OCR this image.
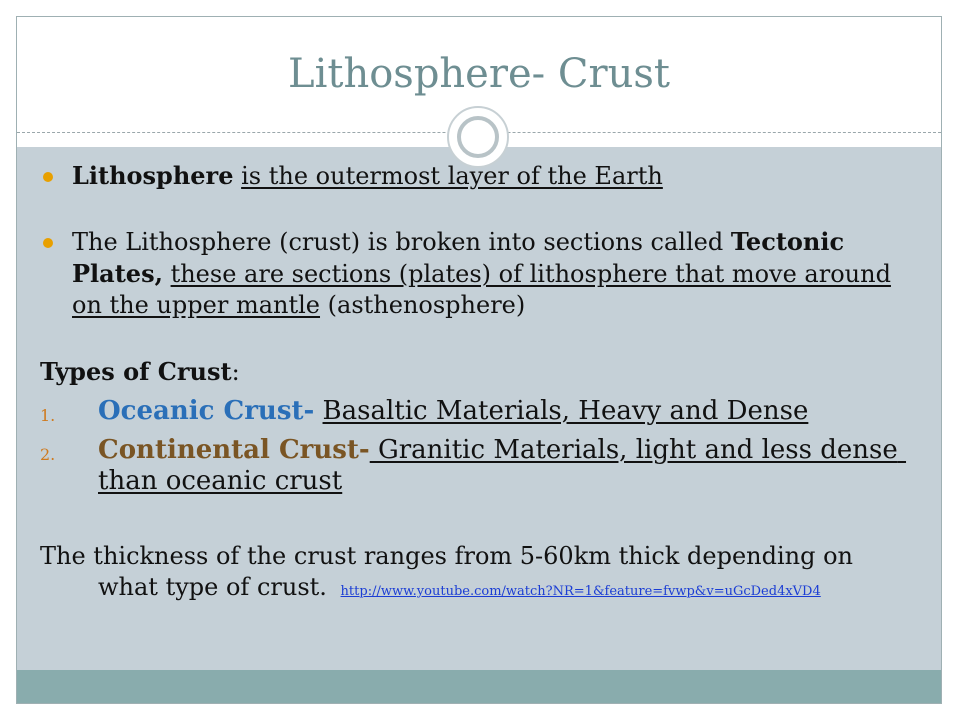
Lithosphere- Crust
Lithosphere is the outermost layer of the Earth
The Lithosphere (crust) is broken into sections called Tectonic Plates, these are sections (plates) of lithosphere that move around on the upper mantle (asthenosphere)
Types of Crust:
1. Oceanic Crust- Basaltic Materials, Heavy and Dense
2. Continental Crust- Granitic Materials, light and less dense than oceanic crust
The thickness of the crust ranges from 5-60km thick depending on what type of crust. http://www.youtube.com/watch?NR=1&feature=fvwp&v=uGcDed4xVD4
